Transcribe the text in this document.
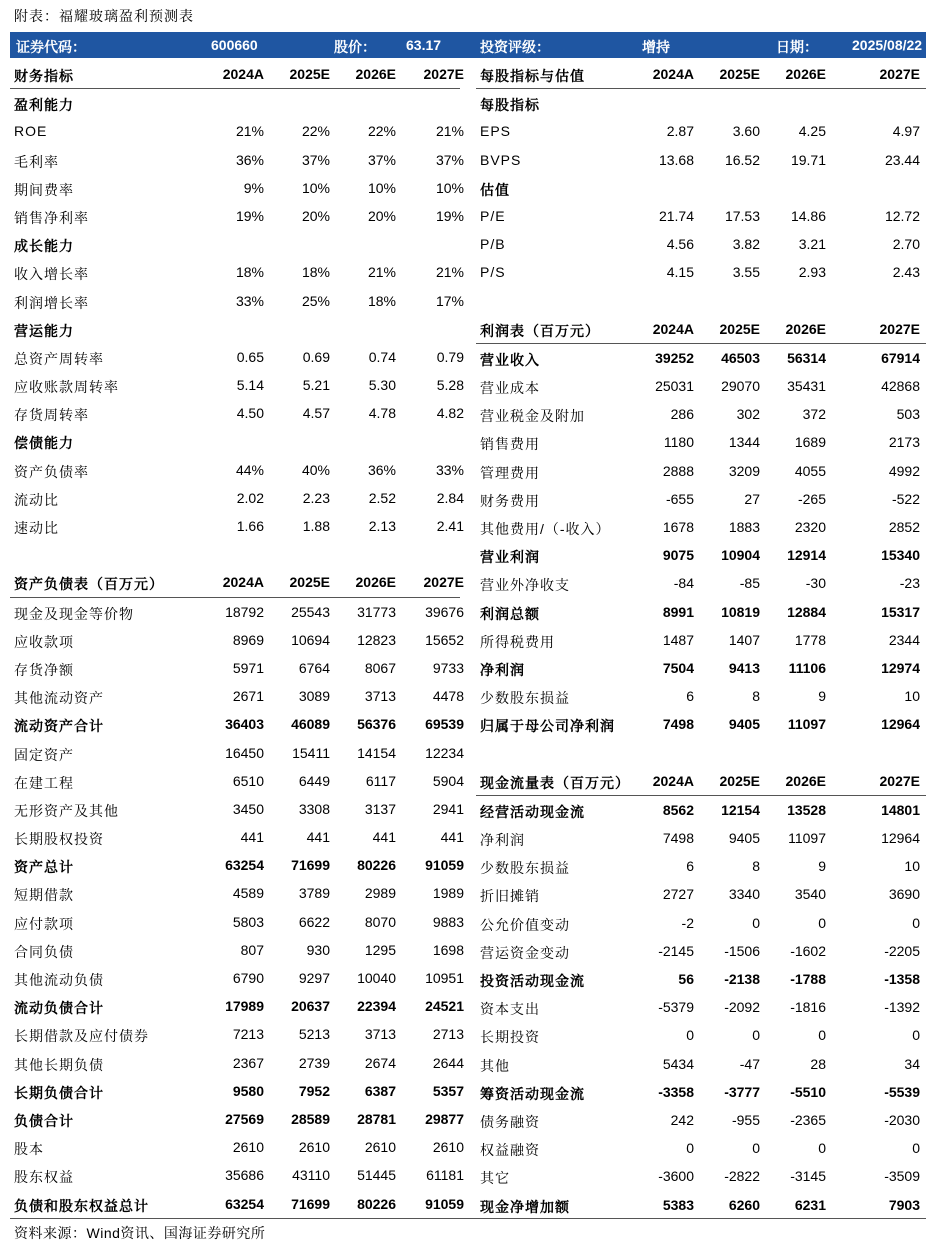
附表：福耀玻璃盈利预测表
证券代码：	600660	股价： 63.17	投资评级：	增持	日期： 2025/08/22
财务指标	2024A	2025E	2026E	2027E
盈利能力
ROE	21%	22%	22%	21%
毛利率	36%	37%	37%	37%
期间费率	9%	10%	10%	10%
销售净利率	19%	20%	20%	19%
成长能力
收入增长率	18%	18%	21%	21%
利润增长率	33%	25%	18%	17%
营运能力
总资产周转率	0.65	0.69	0.74	0.79
应收账款周转率	5.14	5.21	5.30	5.28
存货周转率	4.50	4.57	4.78	4.82
偿债能力
资产负债率	44%	40%	36%	33%
流动比	2.02	2.23	2.52	2.84
速动比	1.66	1.88	2.13	2.41
资产负债表（百万元）	2024A	2025E	2026E	2027E
现金及现金等价物	18792	25543	31773	39676
应收款项	8969	10694	12823	15652
存货净额	5971	6764	8067	9733
其他流动资产	2671	3089	3713	4478
流动资产合计	36403	46089	56376	69539
固定资产	16450	15411	14154	12234
在建工程	6510	6449	6117	5904
无形资产及其他	3450	3308	3137	2941
长期股权投资	441	441	441	441
资产总计	63254	71699	80226	91059
短期借款	4589	3789	2989	1989
应付款项	5803	6622	8070	9883
合同负债	807	930	1295	1698
其他流动负债	6790	9297	10040	10951
流动负债合计	17989	20637	22394	24521
长期借款及应付债券	7213	5213	3713	2713
其他长期负债	2367	2739	2674	2644
长期负债合计	9580	7952	6387	5357
负债合计	27569	28589	28781	29877
股本	2610	2610	2610	2610
股东权益	35686	43110	51445	61181
负债和股东权益总计	63254	71699	80226	91059
每股指标与估值	2024A	2025E	2026E	2027E
每股指标
EPS	2.87	3.60	4.25	4.97
BVPS	13.68	16.52	19.71	23.44
估值
P/E	21.74	17.53	14.86	12.72
P/B	4.56	3.82	3.21	2.70
P/S	4.15	3.55	2.93	2.43
利润表（百万元）	2024A	2025E	2026E	2027E
营业收入	39252	46503	56314	67914
营业成本	25031	29070	35431	42868
营业税金及附加	286	302	372	503
销售费用	1180	1344	1689	2173
管理费用	2888	3209	4055	4992
财务费用	-655	27	-265	-522
其他费用/（-收入）	1678	1883	2320	2852
营业利润	9075	10904	12914	15340
营业外净收支	-84	-85	-30	-23
利润总额	8991	10819	12884	15317
所得税费用	1487	1407	1778	2344
净利润	7504	9413	11106	12974
少数股东损益	6	8	9	10
归属于母公司净利润	7498	9405	11097	12964
现金流量表（百万元）	2024A	2025E	2026E	2027E
经营活动现金流	8562	12154	13528	14801
净利润	7498	9405	11097	12964
少数股东损益	6	8	9	10
折旧摊销	2727	3340	3540	3690
公允价值变动	-2	0	0	0
营运资金变动	-2145	-1506	-1602	-2205
投资活动现金流	56	-2138	-1788	-1358
资本支出	-5379	-2092	-1816	-1392
长期投资	0	0	0	0
其他	5434	-47	28	34
筹资活动现金流	-3358	-3777	-5510	-5539
债务融资	242	-955	-2365	-2030
权益融资	0	0	0	0
其它	-3600	-2822	-3145	-3509
现金净增加额	5383	6260	6231	7903
资料来源：Wind资讯、国海证券研究所
